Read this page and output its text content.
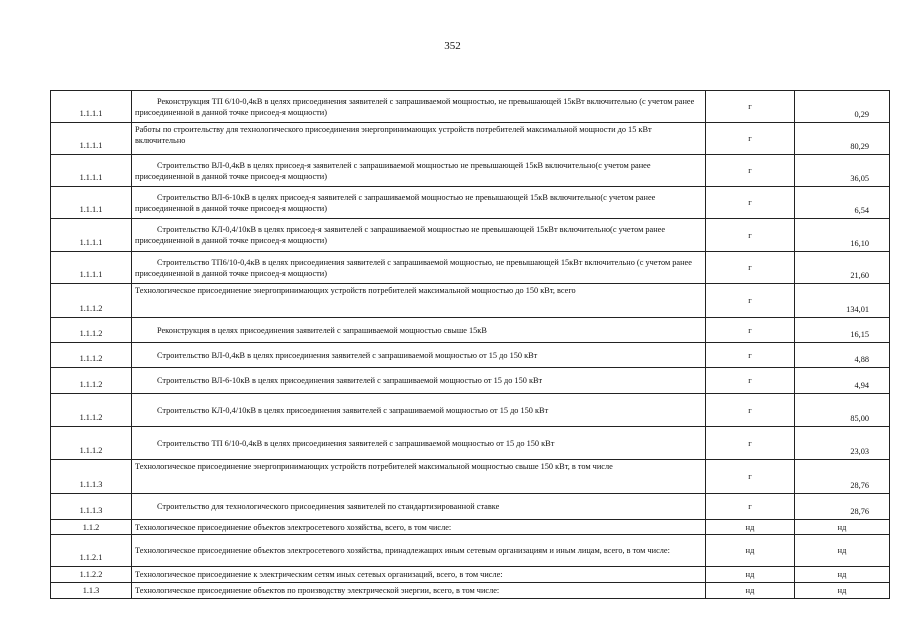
352
1.1.1.1	Реконструкция ТП 6/10-0,4кВ в целях присоединения заявителей с запрашиваемой мощностью, не превышающей 15кВт включительно (с учетом ранее присоединенной в данной точке присоед-я мощности)	г	0,29
1.1.1.1	Работы по строительству для технологического присоединения энергопринимающих устройств потребителей максимальной мощности до 15 кВт включительно	г	80,29
1.1.1.1	Строительство ВЛ-0,4кВ в целях присоед-я заявителей с запрашиваемой мощностью не превышающей 15кВ включительно(с учетом ранее присоединенной в данной точке присоед-я мощности)	г	36,05
1.1.1.1	Строительство ВЛ-6-10кВ в целях присоед-я заявителей с запрашиваемой мощностью не превышающей 15кВ включительно(с учетом ранее присоединенной в данной точке присоед-я мощности)	г	6,54
1.1.1.1	Строительство КЛ-0,4/10кВ в целях присоед-я заявителей с запрашиваемой мощностью не превышающей 15кВт включительно(с учетом ранее присоединенной в данной точке присоед-я мощности)	г	16,10
1.1.1.1	Строительство ТП6/10-0,4кВ в целях присоединения заявителей с запрашиваемой мощностью, не превышающей 15кВт включительно (с учетом ранее присоединенной в данной точке присоед-я мощности)	г	21,60
1.1.1.2	Технологическое присоединение энергопринимающих устройств потребителей максимальной мощностью до 150 кВт, всего	г	134,01
1.1.1.2	Реконструкция в целях присоединения заявителей с запрашиваемой мощностью свыше 15кВ	г	16,15
1.1.1.2	Строительство ВЛ-0,4кВ в целях присоединения заявителей с запрашиваемой мощностью от 15 до 150 кВт	г	4,88
1.1.1.2	Строительство ВЛ-6-10кВ в целях присоединения заявителей с запрашиваемой мощностью от 15 до 150 кВт	г	4,94
1.1.1.2	Строительство КЛ-0,4/10кВ в целях присоединения заявителей с запрашиваемой мощностью от 15 до 150 кВт	г	85,00
1.1.1.2	Строительство ТП 6/10-0,4кВ в целях присоединения заявителей с запрашиваемой мощностью от 15 до 150 кВт	г	23,03
1.1.1.3	Технологическое присоединение энергопринимающих устройств потребителей максимальной мощностью свыше 150 кВт, в том числе	г	28,76
1.1.1.3	Строительство для технологического присоединения заявителей по стандартизированной ставке	г	28,76
1.1.2	Технологическое присоединение объектов электросетевого хозяйства, всего, в том числе:	нд	нд
1.1.2.1	Технологическое присоединение объектов электросетевого хозяйства, принадлежащих иным сетевым организациям и иным лицам, всего, в том числе:	нд	нд
1.1.2.2	Технологическое присоединение к электрическим сетям иных сетевых организаций, всего, в том числе:	нд	нд
1.1.3	Технологическое присоединение объектов по производству электрической энергии, всего, в том числе:	нд	нд
